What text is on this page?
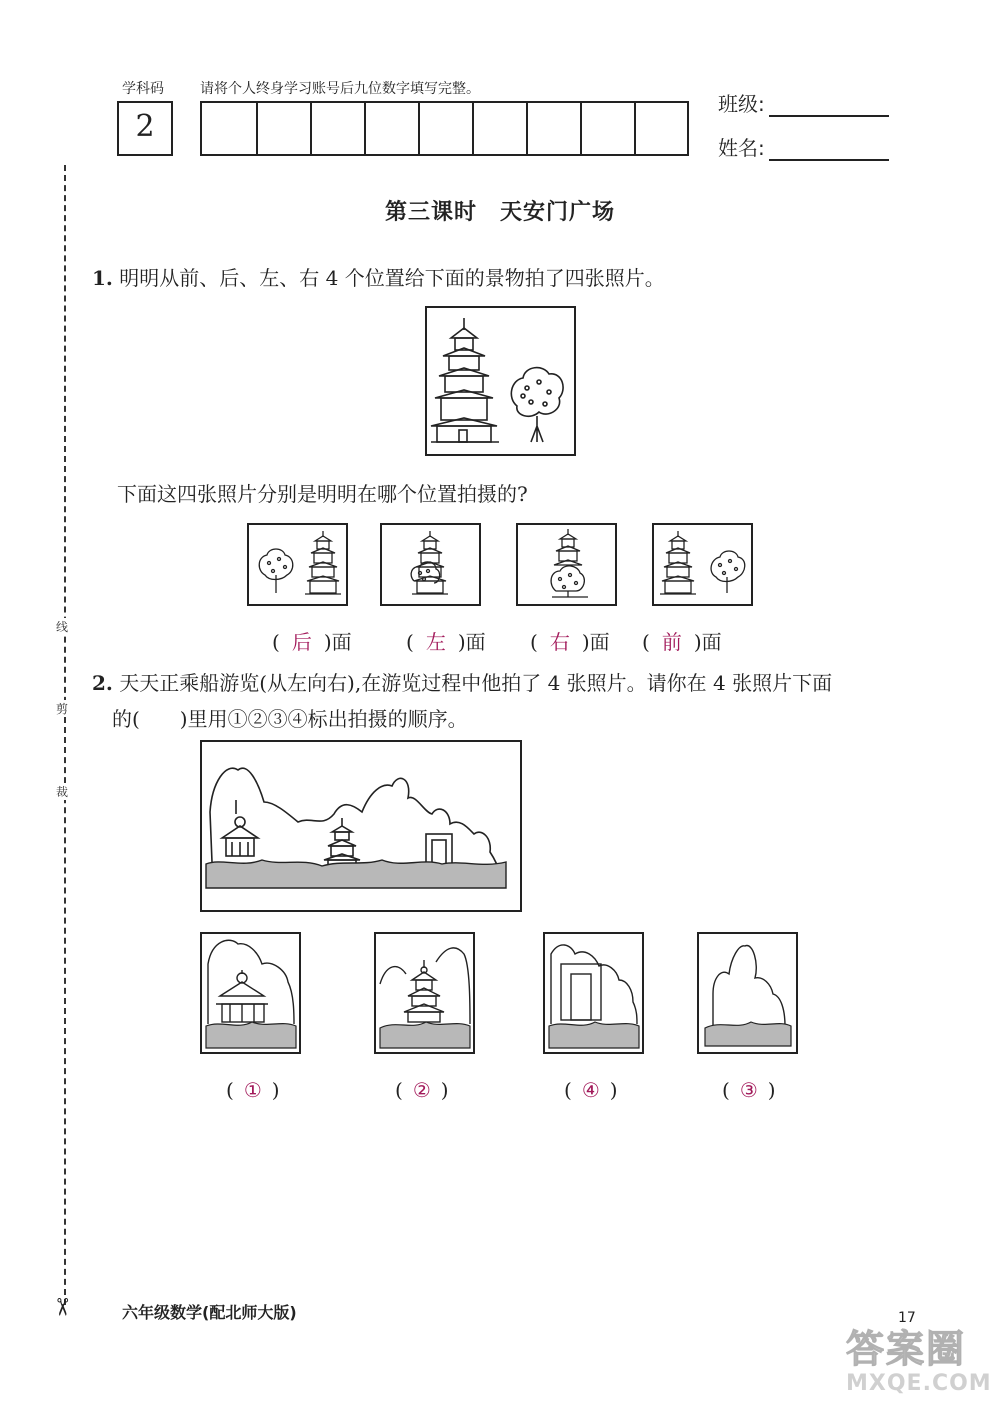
学科码	请将个人终身学习账号后九位数字填写完整。
2
班级:
姓名:
线
剪
裁
✂
第三课时　天安门广场
1. 明明从前、后、左、右 4 个位置给下面的景物拍了四张照片。
下面这四张照片分别是明明在哪个位置拍摄的?
( 后 )面	( 左 )面 ( 右 )面 ( 前 )面
2. 天天正乘船游览(从左向右),在游览过程中他拍了 4 张照片。请你在 4 张照片下面
的(　　)里用①②③④标出拍摄的顺序。
( ① )	( ② )	( ④ )	( ③ )
六年级数学(配北师大版)	17
答案圈
MXQE.COM
